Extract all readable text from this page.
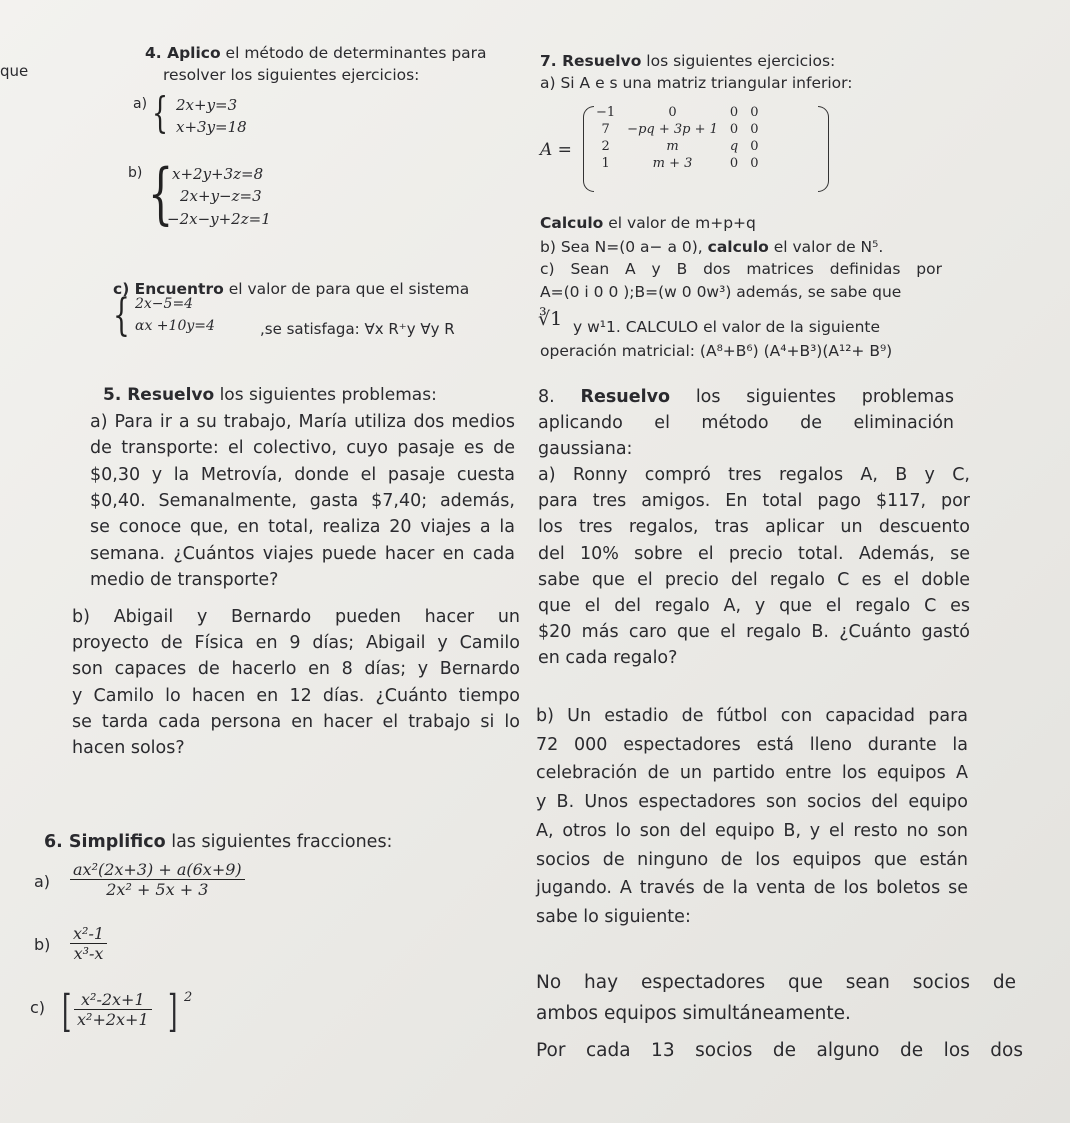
que
4. Aplico el método de determinantes para
resolver los siguientes ejercicios:
a) { 2x+y=3
x+3y=18
b) {
x+2y+3z=8
2x+y−z=3
−2x−y+2z=1
c) Encuentro el valor de para que el sistema
{ 2x−5=4
αx +10y=4	,se satisfaga: ∀x R⁺y ∀y R
5. Resuelvo los siguientes problemas:
a) Para ir a su trabajo, María utiliza dos medios
de transporte: el colectivo, cuyo pasaje es de
$0,30 y la Metrovía, donde el pasaje cuesta
$0,40. Semanalmente, gasta $7,40; además,
se conoce que, en total, realiza 20 viajes a la
semana. ¿Cuántos viajes puede hacer en cada
medio de transporte?
b) Abigail y Bernardo pueden hacer un
proyecto de Física en 9 días; Abigail y Camilo
son capaces de hacerlo en 8 días; y Bernardo
y Camilo lo hacen en 12 días. ¿Cuánto tiempo
se tarda cada persona en hacer el trabajo si lo
hacen solos?
6. Simplifico las siguientes fracciones:
$a) \frac{\text{ax²(2x+3) + a(6x+9)}}{\text{2x² + 5x + 3}}$
$b) \frac{\text{x²-1}}{\text{x³-x}}$
c) [ $\frac{\text{x²-2x+1}}{\text{x²+2x+1}}$ ] 2
7. Resuelvo los siguientes ejercicios:
a) Si A e s una matriz triangular inferior:
A =
−1	0	0	0
7	−pq + 3p + 1	0	0
2	m	q	0
1	m + 3	0	0
Calculo el valor de m+p+q
b) Sea N=(0 a− a 0), calculo el valor de N⁵.
c) Sean A y B dos matrices definidas por
A=(0 i 0 0 );B=(w 0 0w³) además, se sabe que
∛1 y w¹1. CALCULO el valor de la siguiente
operación matricial: (A⁸+B⁶) (A⁴+B³)(A¹²+ B⁹)
8. Resuelvo los siguientes problemas
aplicando el método de eliminación
gaussiana:
a) Ronny compró tres regalos A, B y C,
para tres amigos. En total pago $117, por
los tres regalos, tras aplicar un descuento
del 10% sobre el precio total. Además, se
sabe que el precio del regalo C es el doble
que el del regalo A, y que el regalo C es
$20 más caro que el regalo B. ¿Cuánto gastó
en cada regalo?
b) Un estadio de fútbol con capacidad para
72 000 espectadores está lleno durante la
celebración de un partido entre los equipos A
y B. Unos espectadores son socios del equipo
A, otros lo son del equipo B, y el resto no son
socios de ninguno de los equipos que están
jugando. A través de la venta de los boletos se
sabe lo siguiente:
No hay espectadores que sean socios de
ambos equipos simultáneamente.
Por cada 13 socios de alguno de los dos
